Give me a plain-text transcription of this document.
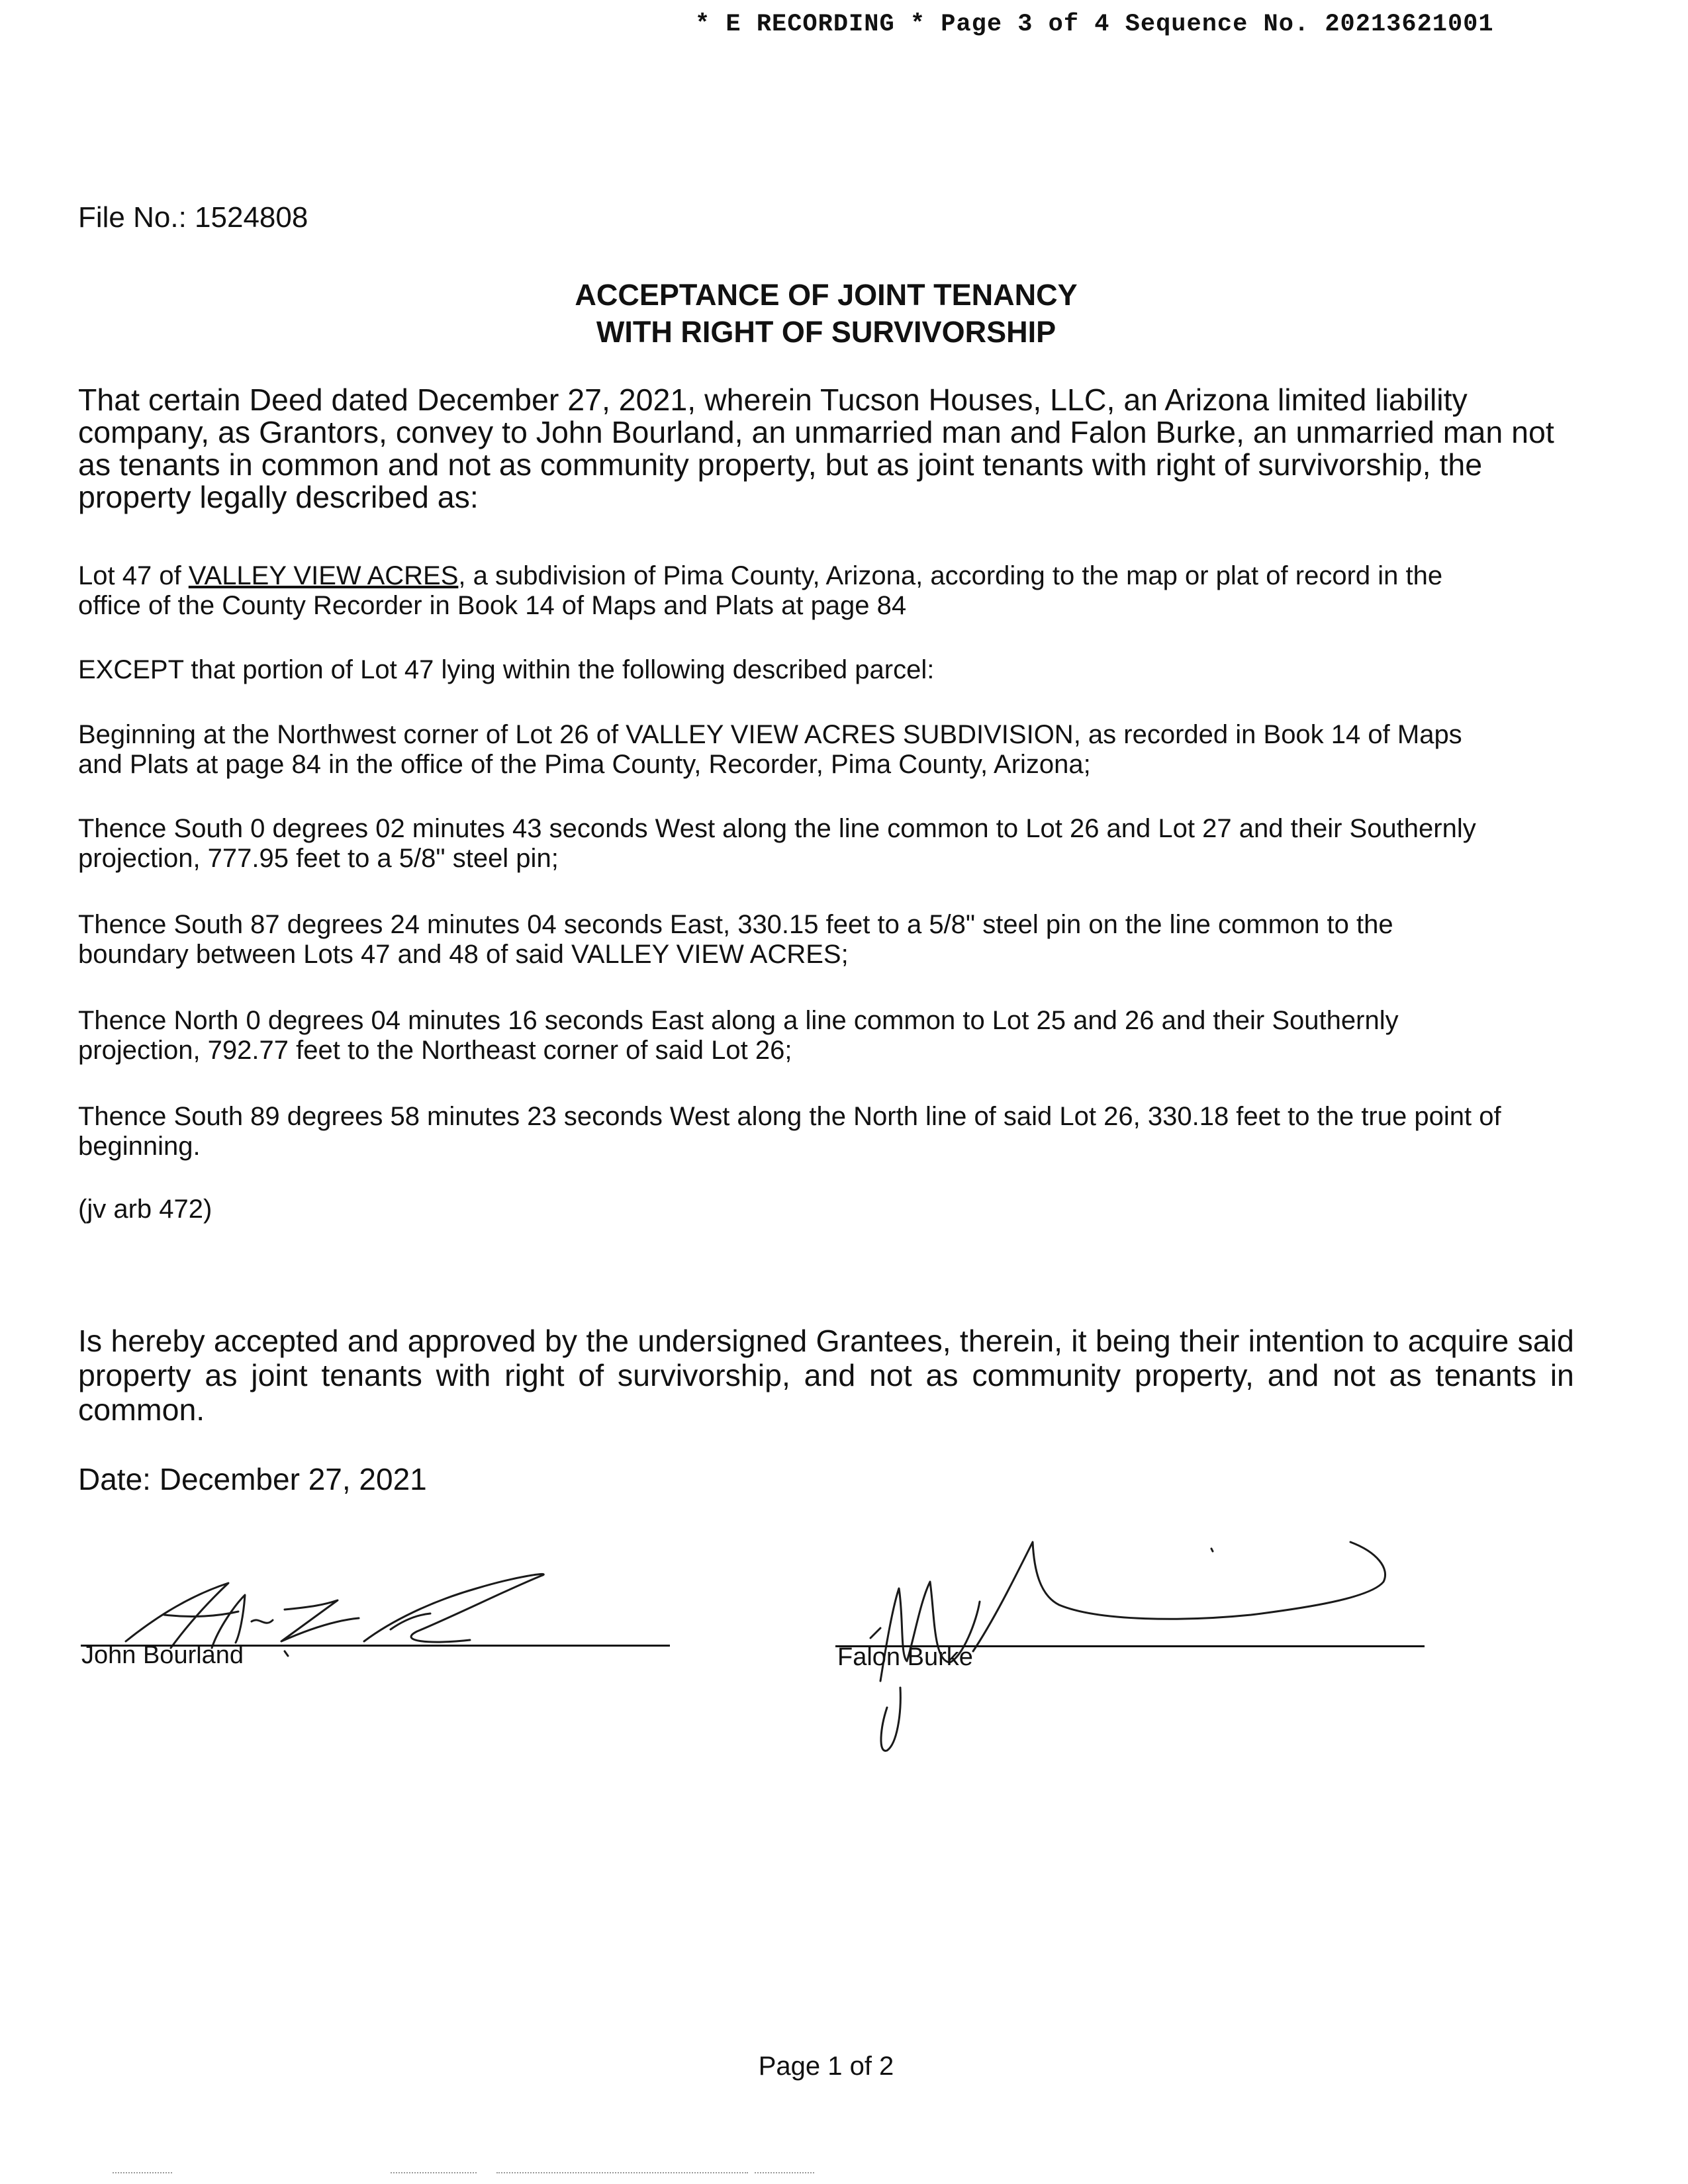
* E RECORDING * Page 3 of 4 Sequence No. 20213621001
File No.: 1524808
ACCEPTANCE OF JOINT TENANCY
WITH RIGHT OF SURVIVORSHIP
That certain Deed dated December 27, 2021, wherein Tucson Houses, LLC, an Arizona limited liability
company, as Grantors, convey to John Bourland, an unmarried man and Falon Burke, an unmarried man not
as tenants in common and not as community property, but as joint tenants with right of survivorship, the
property legally described as:
Lot 47 of VALLEY VIEW ACRES, a subdivision of Pima County, Arizona, according to the map or plat of record in the
office of the County Recorder in Book 14 of Maps and Plats at page 84
EXCEPT that portion of Lot 47 lying within the following described parcel:
Beginning at the Northwest corner of Lot 26 of VALLEY VIEW ACRES SUBDIVISION, as recorded in Book 14 of Maps
and Plats at page 84 in the office of the Pima County, Recorder, Pima County, Arizona;
Thence South 0 degrees 02 minutes 43 seconds West along the line common to Lot 26 and Lot 27 and their Southernly
projection, 777.95 feet to a 5/8" steel pin;
Thence South 87 degrees 24 minutes 04 seconds East, 330.15 feet to a 5/8" steel pin on the line common to the
boundary between Lots 47 and 48 of said VALLEY VIEW ACRES;
Thence North 0 degrees 04 minutes 16 seconds East along a line common to Lot 25 and 26 and their Southernly
projection, 792.77 feet to the Northeast corner of said Lot 26;
Thence South 89 degrees 58 minutes 23 seconds West along the North line of said Lot 26, 330.18 feet to the true point of
beginning.
(jv arb 472)
Is hereby accepted and approved by the undersigned Grantees, therein, it being their intention to acquire said
property as joint tenants with right of survivorship, and not as community property, and not as tenants in
common.
Date: December 27, 2021
John Bourland	Falon Burke
Page 1 of 2
